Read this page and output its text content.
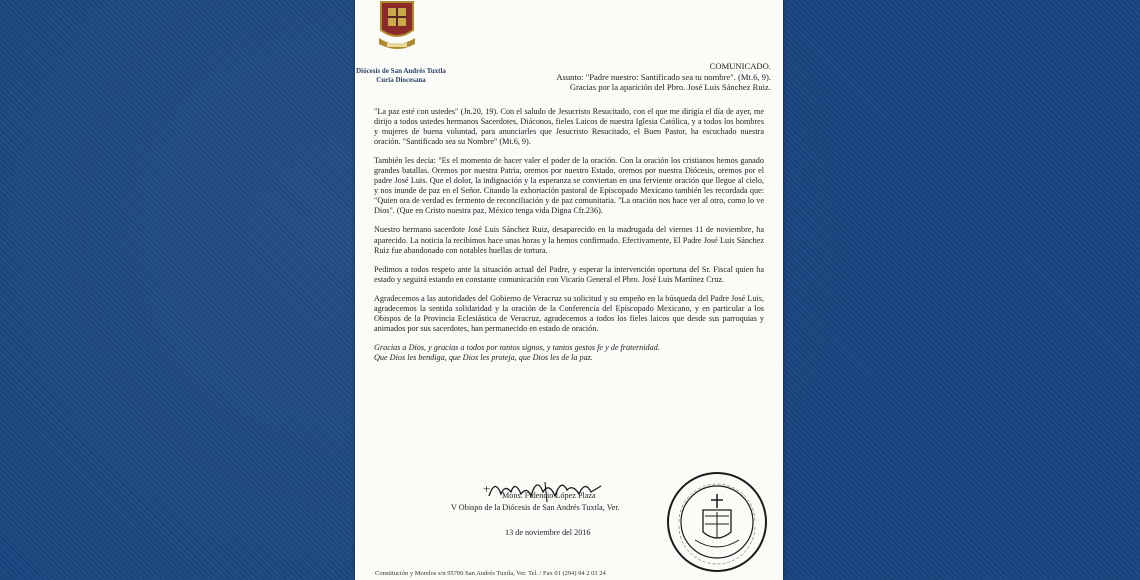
Diócesis de San Andrés Tuxtla
Curia Diocesana
COMUNICADO.
Asunto: "Padre nuestro: Santificado sea tu nombre". (Mt.6, 9).
Gracias por la aparición del Pbro. José Luis Sánchez Ruiz.

"La paz esté con ustedes" (Jn.20, 19). Con el saludo de Jesucristo Resucitado, con el que me dirigía el día de ayer, me dirijo a todos ustedes hermanos Sacerdotes, Diáconos, fieles Laicos de nuestra Iglesia Católica, y a todos los hombres y mujeres de buena voluntad, para anunciarles que Jesucristo Resucitado, el Buen Pastor, ha escuchado nuestra oración. "Santificado sea su Nombre" (Mt.6, 9).

También les decía: "Es el momento de hacer valer el poder de la oración. Con la oración los cristianos hemos ganado grandes batallas. Oremos por nuestra Patria, oremos por nuestro Estado, oremos por nuestra Diócesis, oremos por el padre José Luis. Que el dolor, la indignación y la esperanza se conviertan en una ferviente oración que llegue al cielo, y nos inunde de paz en el Señor. Citando la exhortación pastoral de Episcopado Mexicano también les recordada que: "Quien ora de verdad es fermento de reconciliación y de paz comunitaria. "La oración nos hace ver al otro, como lo ve Dios". (Que en Cristo nuestra paz, México tenga vida Digna Cfr.236).

Nuestro hermano sacerdote José Luis Sánchez Ruiz, desaparecido en la madrugada del viernes 11 de noviembre, ha aparecido. La noticia la recibimos hace unas horas y la hemos confirmado. Efectivamente, El Padre José Luis Sánchez Ruiz fue abandonado con notables huellas de tortura.

Pedimos a todos respeto ante la situación actual del Padre, y esperar la intervención oportuna del Sr. Fiscal quien ha estado y seguirá estando en constante comunicación con Vicario General el Pbro. José Luis Martínez Cruz.

Agradecemos a las autoridades del Gobierno de Veracruz su solicitud y su empeño en la búsqueda del Padre José Luis, agradecemos la sentida solidaridad y la oración de la Conferencia del Episcopado Mexicano, y en particular a los Obispos de la Provincia Eclesiástica de Veracruz, agradecemos a todos los fieles laicos que desde sus parroquias y animados por sus sacerdotes, han permanecido en estado de oración.

Gracias a Dios, y gracias a todos por tantos signos, y tantos gestos fe y de fraternidad.

Que Dios les bendiga, que Dios les proteja, que Dios les de la paz.

+ Mons. Fidencio López Plaza
V Obispo de la Diócesis de San Andrés Tuxtla, Ver.
13 de noviembre del 2016
Constitución y Morelos s/n 95700 San Andrés Tuxtla, Ver. Tel. / Fax 01 (294) 94 2 03 24
